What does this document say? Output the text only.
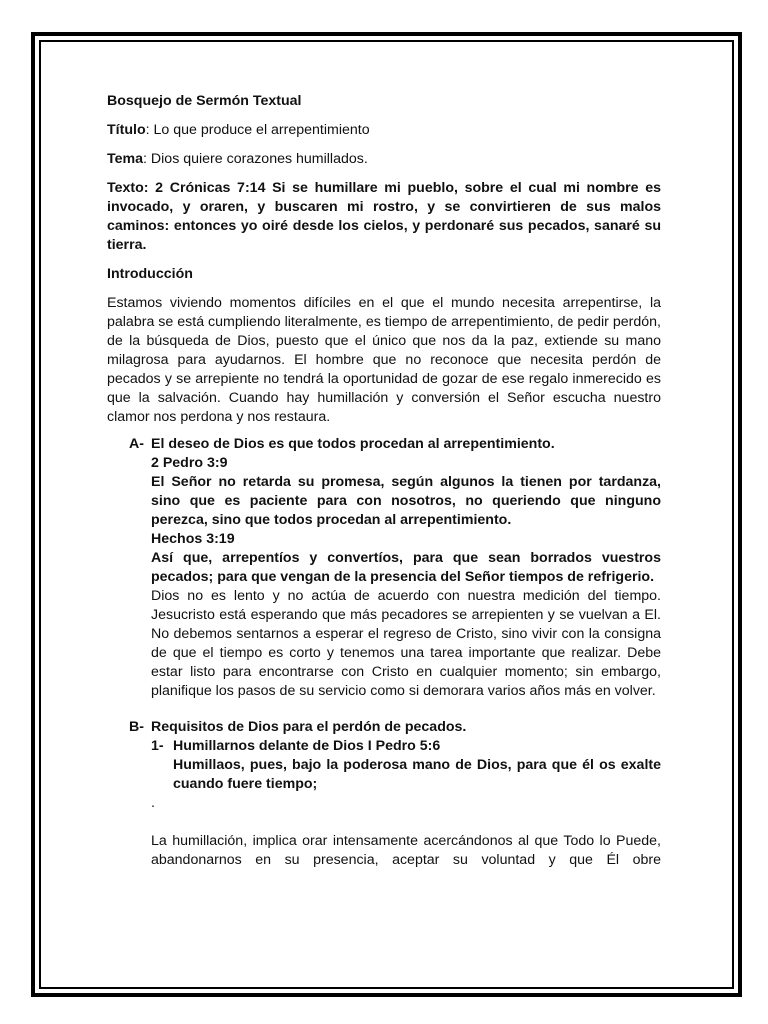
Bosquejo de Sermón Textual

Título: Lo que produce el arrepentimiento

Tema: Dios quiere corazones humillados.

Texto: 2 Crónicas 7:14 Si se humillare mi pueblo, sobre el cual mi nombre es invocado, y oraren, y buscaren mi rostro, y se convirtieren de sus malos caminos: entonces yo oiré desde los cielos, y perdonaré sus pecados, sanaré su tierra.

Introducción

Estamos viviendo momentos difíciles en el que el mundo necesita arrepentirse, la palabra se está cumpliendo literalmente, es tiempo de arrepentimiento, de pedir perdón, de la búsqueda de Dios, puesto que el único que nos da la paz, extiende su mano milagrosa para ayudarnos. El hombre que no reconoce que necesita perdón de pecados y se arrepiente no tendrá la oportunidad de gozar de ese regalo inmerecido es que la salvación. Cuando hay humillación y conversión el Señor escucha nuestro clamor nos perdona y nos restaura.

A- El deseo de Dios es que todos procedan al arrepentimiento.

2 Pedro 3:9

El Señor no retarda su promesa, según algunos la tienen por tardanza, sino que es paciente para con nosotros, no queriendo que ninguno perezca, sino que todos procedan al arrepentimiento.

Hechos 3:19

Así que, arrepentíos y convertíos, para que sean borrados vuestros pecados; para que vengan de la presencia del Señor tiempos de refrigerio.

Dios no es lento y no actúa de acuerdo con nuestra medición del tiempo. Jesucristo está esperando que más pecadores se arrepienten y se vuelvan a El. No debemos sentarnos a esperar el regreso de Cristo, sino vivir con la consigna de que el tiempo es corto y tenemos una tarea importante que realizar. Debe estar listo para encontrarse con Cristo en cualquier momento; sin embargo, planifique los pasos de su servicio como si demorara varios años más en volver.

B- Requisitos de Dios para el perdón de pecados.

1- Humillarnos delante de Dios I Pedro 5:6

Humillaos, pues, bajo la poderosa mano de Dios, para que él os exalte cuando fuere tiempo;

.

La humillación, implica orar intensamente acercándonos al que Todo lo Puede, abandonarnos en su presencia, aceptar su voluntad y que Él obre
